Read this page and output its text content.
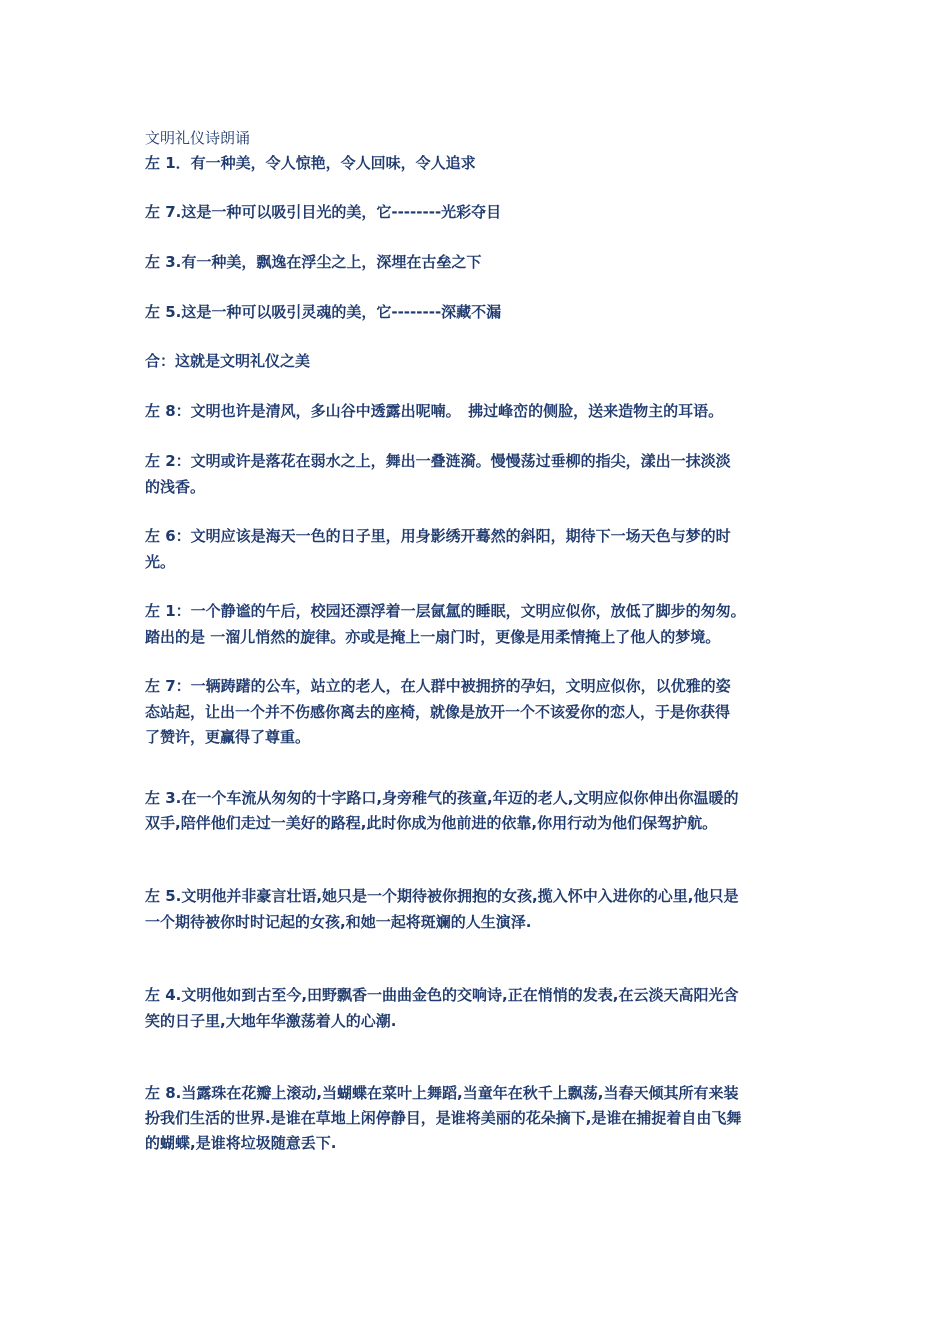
文明礼仪诗朗诵
左 1．有一种美，令人惊艳，令人回味，令人追求
左 7.这是一种可以吸引目光的美，它--------光彩夺目
左 3.有一种美，飘逸在浮尘之上，深埋在古垒之下
左 5.这是一种可以吸引灵魂的美，它--------深藏不漏
合：这就是文明礼仪之美
左 8：文明也许是清风，多山谷中透露出呢喃。　拂过峰峦的侧脸，送来造物主的耳语。
左 2：文明或许是落花在弱水之上，舞出一叠涟漪。慢慢荡过垂柳的指尖，漾出一抹淡淡
的浅香。
左 6：文明应该是海天一色的日子里，用身影绣开蓦然的斜阳，期待下一场天色与梦的时
光。
左 1：一个静谧的午后，校园还漂浮着一层氤氲的睡眠，文明应似你，放低了脚步的匆匆。
踏出的是 一溜儿悄然的旋律。亦或是掩上一扇门时，更像是用柔情掩上了他人的梦境。
左 7：一辆踌躇的公车，站立的老人，在人群中被拥挤的孕妇，文明应似你，以优雅的姿
态站起，让出一个并不伤感你离去的座椅，就像是放开一个不该爱你的恋人，于是你获得
了赞许，更赢得了尊重。
左 3.在一个车流从匆匆的十字路口,身旁稚气的孩童,年迈的老人,文明应似你伸出你温暖的
双手,陪伴他们走过一美好的路程,此时你成为他前进的依靠,你用行动为他们保驾护航。
左 5.文明他并非豪言壮语,她只是一个期待被你拥抱的女孩,揽入怀中入进你的心里,他只是
一个期待被你时时记起的女孩,和她一起将斑斓的人生演泽.
左 4.文明他如到古至今,田野飘香一曲曲金色的交响诗,正在悄悄的发表,在云淡天高阳光含
笑的日子里,大地年华激荡着人的心潮.
左 8.当露珠在花瓣上滚动,当蝴蝶在菜叶上舞蹈,当童年在秋千上飘荡,当春天倾其所有来装
扮我们生活的世界.是谁在草地上闲停静目，是谁将美丽的花朵摘下,是谁在捕捉着自由飞舞
的蝴蝶,是谁将垃圾随意丢下.
